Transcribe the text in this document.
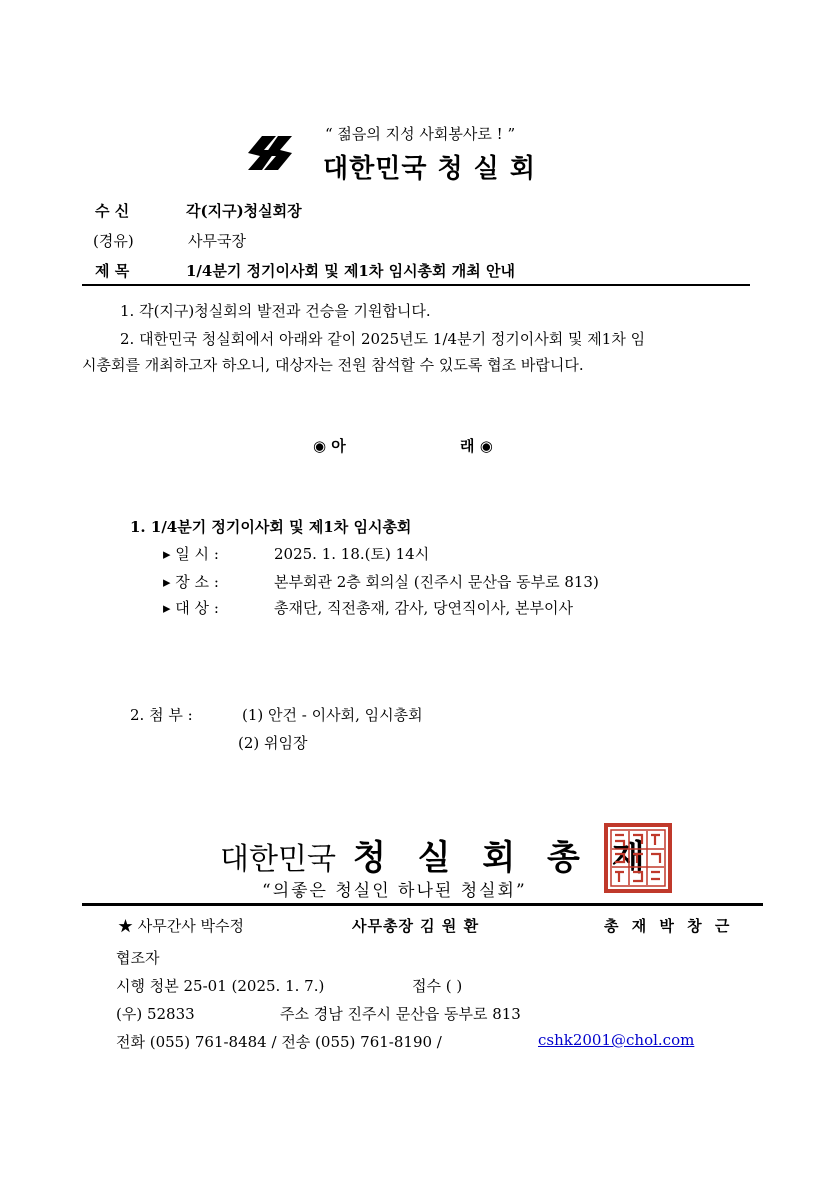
“ 젊음의 지성 사회봉사로 ! ”
대한민국 청 실 회
수 신	각(지구)청실회장
(경유)	사무국장
제 목	1/4분기 정기이사회 및 제1차 임시총회 개최 안내
1. 각(지구)청실회의 발전과 건승을 기원합니다.
2. 대한민국 청실회에서 아래와 같이 2025년도 1/4분기 정기이사회 및 제1차 임
시총회를 개최하고자 하오니, 대상자는 전원 참석할 수 있도록 협조 바랍니다.
◉ 아	래 ◉
1. 1/4분기 정기이사회 및 제1차 임시총회
▸ 일 시 :	2025. 1. 18.(토) 14시
▸ 장 소 :	본부회관 2층 회의실 (진주시 문산읍 동부로 813)
▸ 대 상 :	총재단, 직전총재, 감사, 당연직이사, 본부이사
2. 첨 부 :	(1) 안건 - 이사회, 임시총회
(2) 위임장
대한민국 청 실 회 총 재
“의좋은 청실인 하나된 청실회”
★ 사무간사 박수정	사무총장 김 원 환	총 재 박 창 근
협조자
시행 청본 25-01 (2025. 1. 7.)	접수 ( )
(우) 52833	주소 경남 진주시 문산읍 동부로 813
전화 (055) 761-8484 / 전송 (055) 761-8190 /	cshk2001@chol.com
